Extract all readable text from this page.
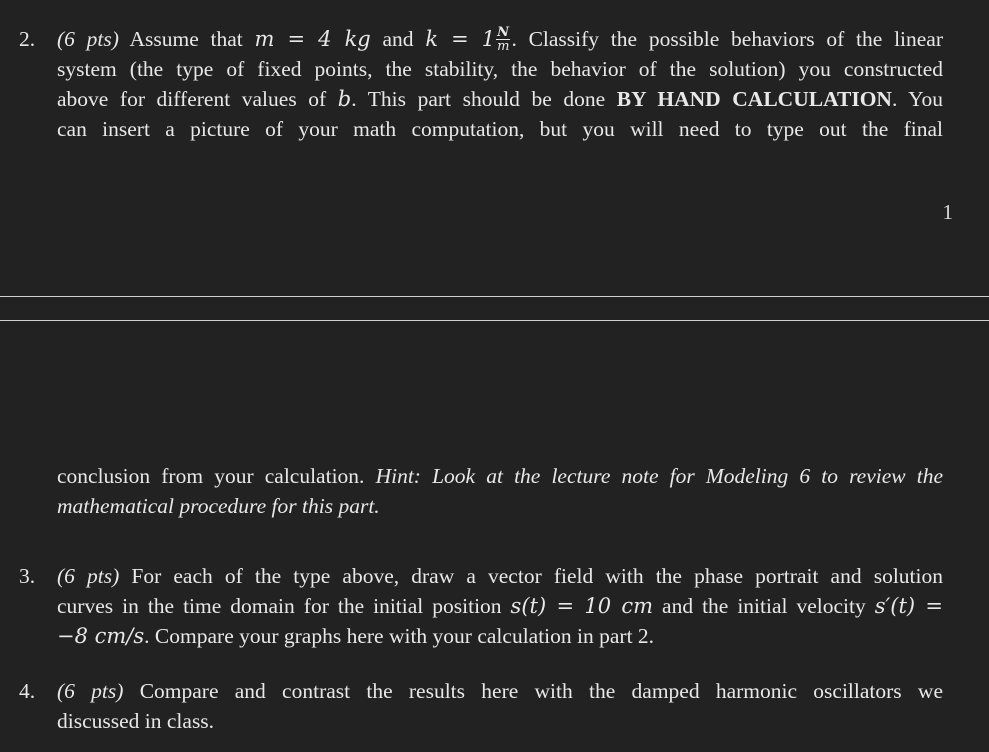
2. (6 pts) Assume that m = 4 kg and $k = 1 \frac{N}{m}$ . Classify the possible behaviors of the linear
system (the type of fixed points, the stability, the behavior of the solution) you constructed
above for different values of b. This part should be done BY HAND CALCULATION. You
can insert a picture of your math computation, but you will need to type out the final
1
conclusion from your calculation. Hint: Look at the lecture note for Modeling 6 to review the
mathematical procedure for this part.
3. (6 pts) For each of the type above, draw a vector field with the phase portrait and solution
curves in the time domain for the initial position s(t) = 10 cm and the initial velocity s′(t) =
−8 cm/s. Compare your graphs here with your calculation in part 2.
4. (6 pts) Compare and contrast the results here with the damped harmonic oscillators we
discussed in class.
